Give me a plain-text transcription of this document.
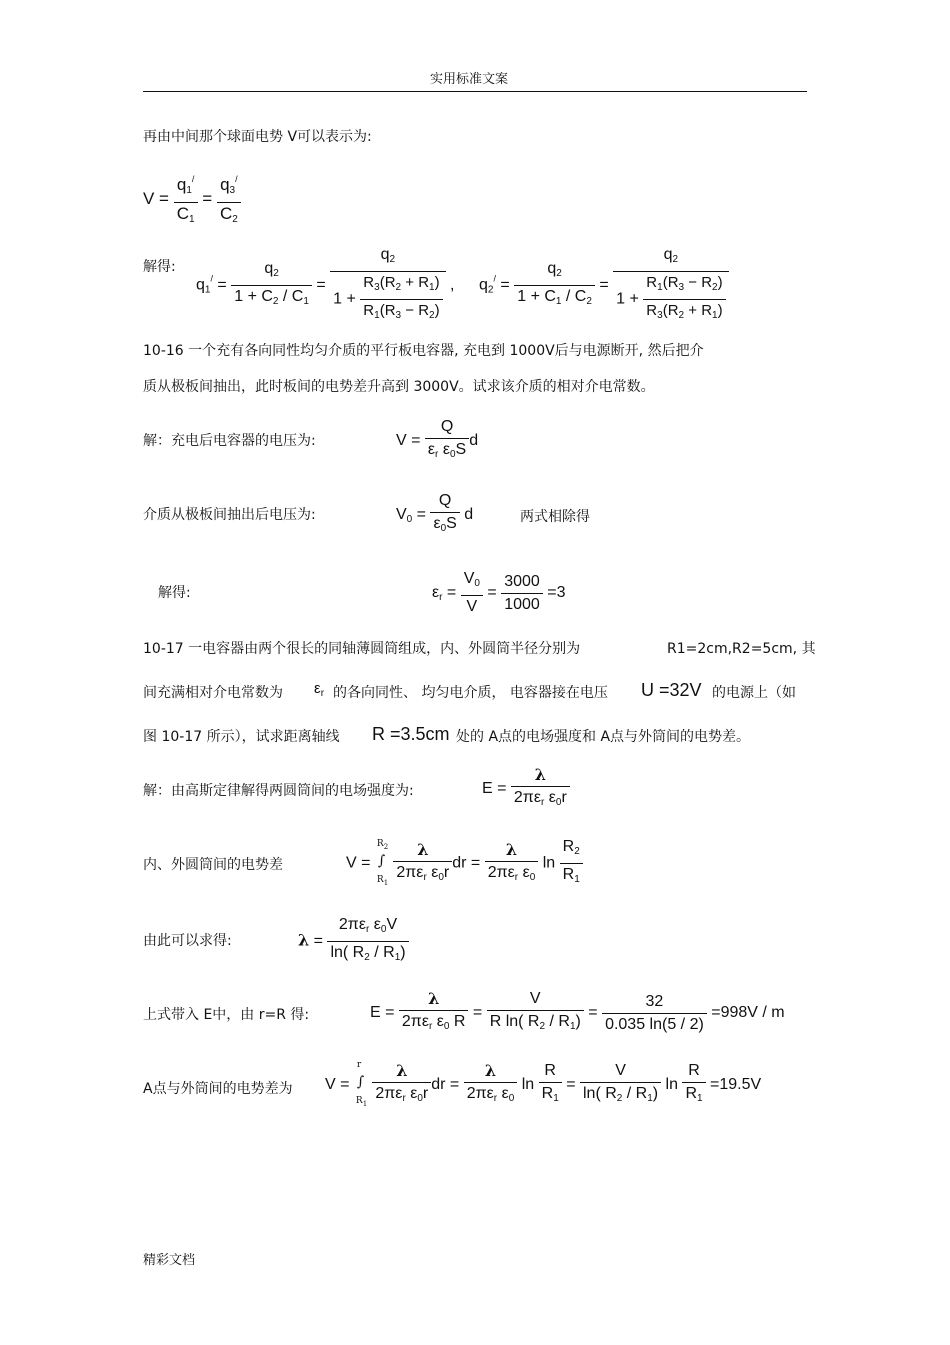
实用标准文案
再由中间那个球面电势 V可以表示为:
$V = \frac{q_1^/}{C_1} = \frac{q_3^/}{C_2}$
解得:
$q_1^/ = \frac{q_2}{1 + C_2 / C_1} = \frac{q_2}{1 + \frac{R_3(R_2 + R_1)}{R_1(R_3 - R_2)}}$ , $q_2^/ = \frac{q_2}{1 + C_1 / C_2} = \frac{q_2}{1 + \frac{R_1(R_3 - R_2)}{R_3(R_2 + R_1)}}$
10-16 一个充有各向同性均匀介质的平行板电容器, 充电到 1000V后与电源断开, 然后把介
质从极板间抽出，此时板间的电势差升高到 3000V。试求该介质的相对介电常数。
解：充电后电容器的电压为:	$V = \frac{Q}{\varepsilon_r \varepsilon_0S}$ d
介质从极板间抽出后电压为:	$V_0 = \frac{Q}{\varepsilon_0S}$ d	两式相除得
解得:	$\varepsilon_r = \frac{V_0}{V} = \frac{3000}{1000} =3$
10-17 一电容器由两个很长的同轴薄圆筒组成，内、外圆筒半径分别为	R1=2cm,R2=5cm, 其
间充满相对介电常数为 $\varepsilon_r$ 的各向同性、 均匀电介质， 电容器接在电压 U =32V 的电源上（如
图 10-17 所示），试求距离轴线 R =3.5cm 处的 A点的电场强度和 A点与外筒间的电势差。
解：由高斯定律解得两圆筒间的电场强度为:	E =
λ
$2\pi\varepsilon_r$ $\varepsilon_0r$
内、外圆筒间的电势差	V =
$R_2$
∫
$R_1$

λ
$2\pi\varepsilon_r$ $\varepsilon_0r$
dr =
λ
$2\pi\varepsilon_r$ $\varepsilon_0$
$\ln \frac{R_2}{R_1}$
由此可以求得:	λ =
$2\pi\varepsilon_r$ $\varepsilon_0V$
ln( $R_2 / R_1$)
上式带入 E中，由 r=R 得:	E =
λ
$2\pi\varepsilon_r$ $\varepsilon_0$ R
= $\frac{V}{R \ln( R_2 / R_1)} = \frac{32}{0.035 \ln(5 / 2)} =998V / m$
A点与外筒间的电势差为 V =
r
∫
$R_1$

λ
$2\pi\varepsilon_r$ $\varepsilon_0r$
dr =
λ
$2\pi\varepsilon_r$ $\varepsilon_0$
$\ln \frac{R}{R_1} = \frac{V}{\ln( R_2 / R_1)}$ $\ln \frac{R}{R_1} =19.5V$
精彩文档
